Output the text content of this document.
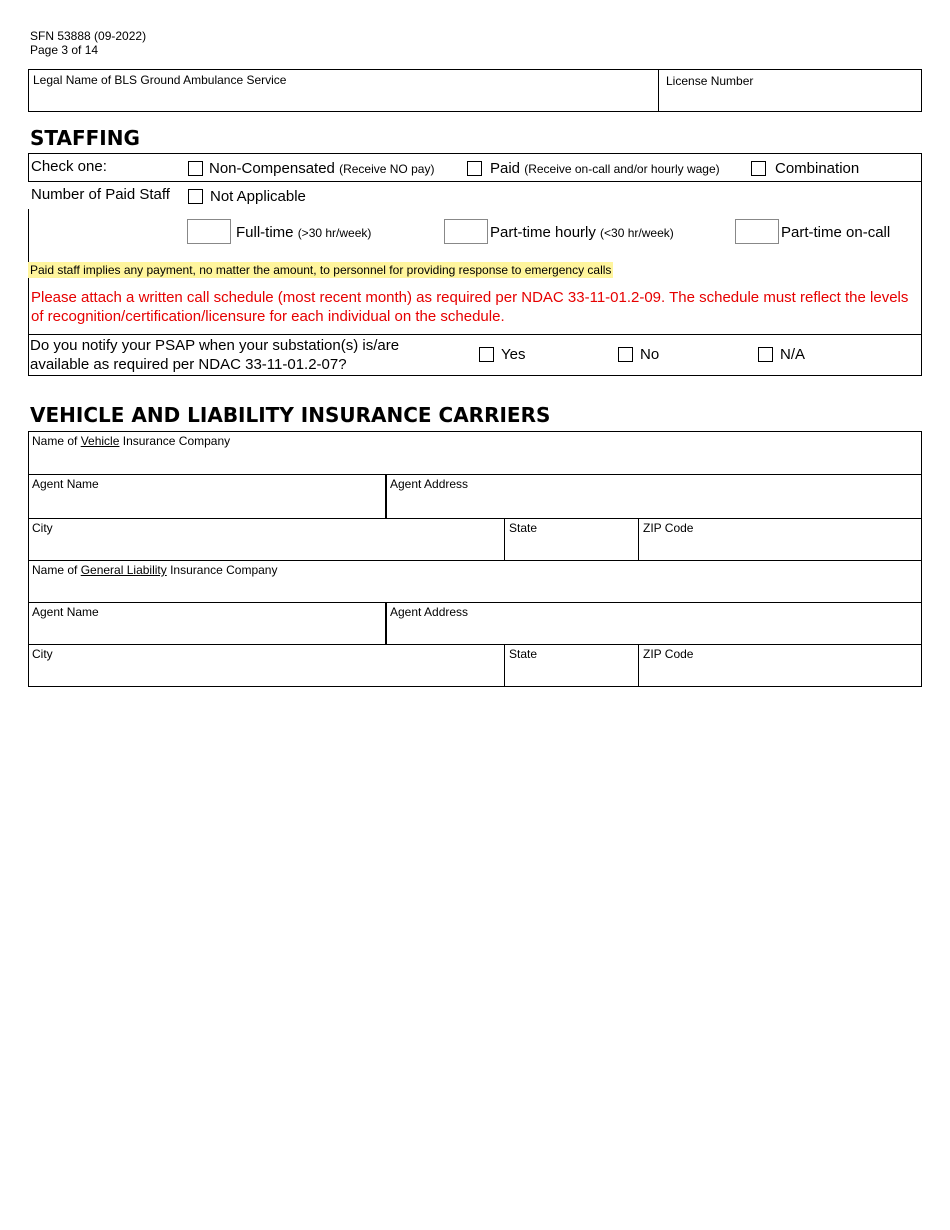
SFN 53888 (09-2022)
Page 3 of 14
Legal Name of BLS Ground Ambulance Service	License Number
STAFFING
Check one:	Non-Compensated (Receive NO pay)	Paid (Receive on-call and/or hourly wage)	Combination
Number of Paid Staff	Not Applicable
Full-time (>30 hr/week)	Part-time hourly (<30 hr/week)	Part-time on-call
Paid staff implies any payment, no matter the amount, to personnel for providing response to emergency calls
Please attach a written call schedule (most recent month) as required per NDAC 33-11-01.2-09. The schedule must reflect the levels of recognition/certification/licensure for each individual on the schedule.
Do you notify your PSAP when your substation(s) is/are
available as required per NDAC 33-11-01.2-07?
Yes	No	N/A
VEHICLE AND LIABILITY INSURANCE CARRIERS
Name of Vehicle Insurance Company
Agent Name	Agent Address
City	State	ZIP Code
Name of General Liability Insurance Company
Agent Name	Agent Address
City	State	ZIP Code
